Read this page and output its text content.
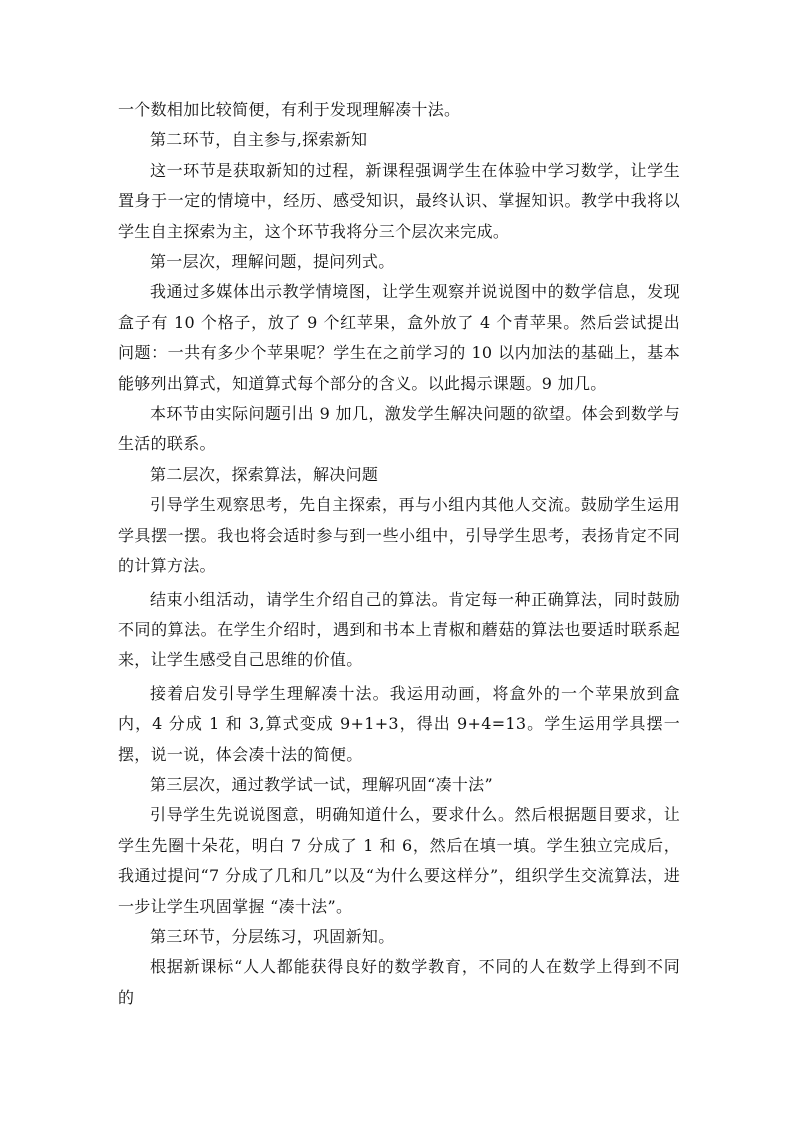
一个数相加比较简便，有利于发现理解凑十法。

第二环节，自主参与,探索新知

这一环节是获取新知的过程，新课程强调学生在体验中学习数学，让学生置身于一定的情境中，经历、感受知识，最终认识、掌握知识。教学中我将以学生自主探索为主，这个环节我将分三个层次来完成。

第一层次，理解问题，提问列式。

我通过多媒体出示教学情境图，让学生观察并说说图中的数学信息，发现盒子有 10 个格子，放了 9 个红苹果，盒外放了 4 个青苹果。然后尝试提出问题：一共有多少个苹果呢？学生在之前学习的 10 以内加法的基础上，基本能够列出算式，知道算式每个部分的含义。以此揭示课题。9 加几。

本环节由实际问题引出 9 加几，激发学生解决问题的欲望。体会到数学与生活的联系。

第二层次，探索算法，解决问题

引导学生观察思考，先自主探索，再与小组内其他人交流。鼓励学生运用学具摆一摆。我也将会适时参与到一些小组中，引导学生思考，表扬肯定不同的计算方法。

结束小组活动，请学生介绍自己的算法。肯定每一种正确算法，同时鼓励不同的算法。在学生介绍时，遇到和书本上青椒和蘑菇的算法也要适时联系起来，让学生感受自己思维的价值。

接着启发引导学生理解凑十法。我运用动画，将盒外的一个苹果放到盒内，4 分成 1 和 3,算式变成 9+1+3，得出 9+4=13。学生运用学具摆一摆，说一说，体会凑十法的简便。

第三层次，通过教学试一试，理解巩固“凑十法”

引导学生先说说图意，明确知道什么，要求什么。然后根据题目要求，让学生先圈十朵花，明白 7 分成了 1 和 6，然后在填一填。学生独立完成后，我通过提问“7 分成了几和几”以及“为什么要这样分”，组织学生交流算法，进一步让学生巩固掌握 “凑十法”。

第三环节，分层练习，巩固新知。

根据新课标“人人都能获得良好的数学教育，不同的人在数学上得到不同的
